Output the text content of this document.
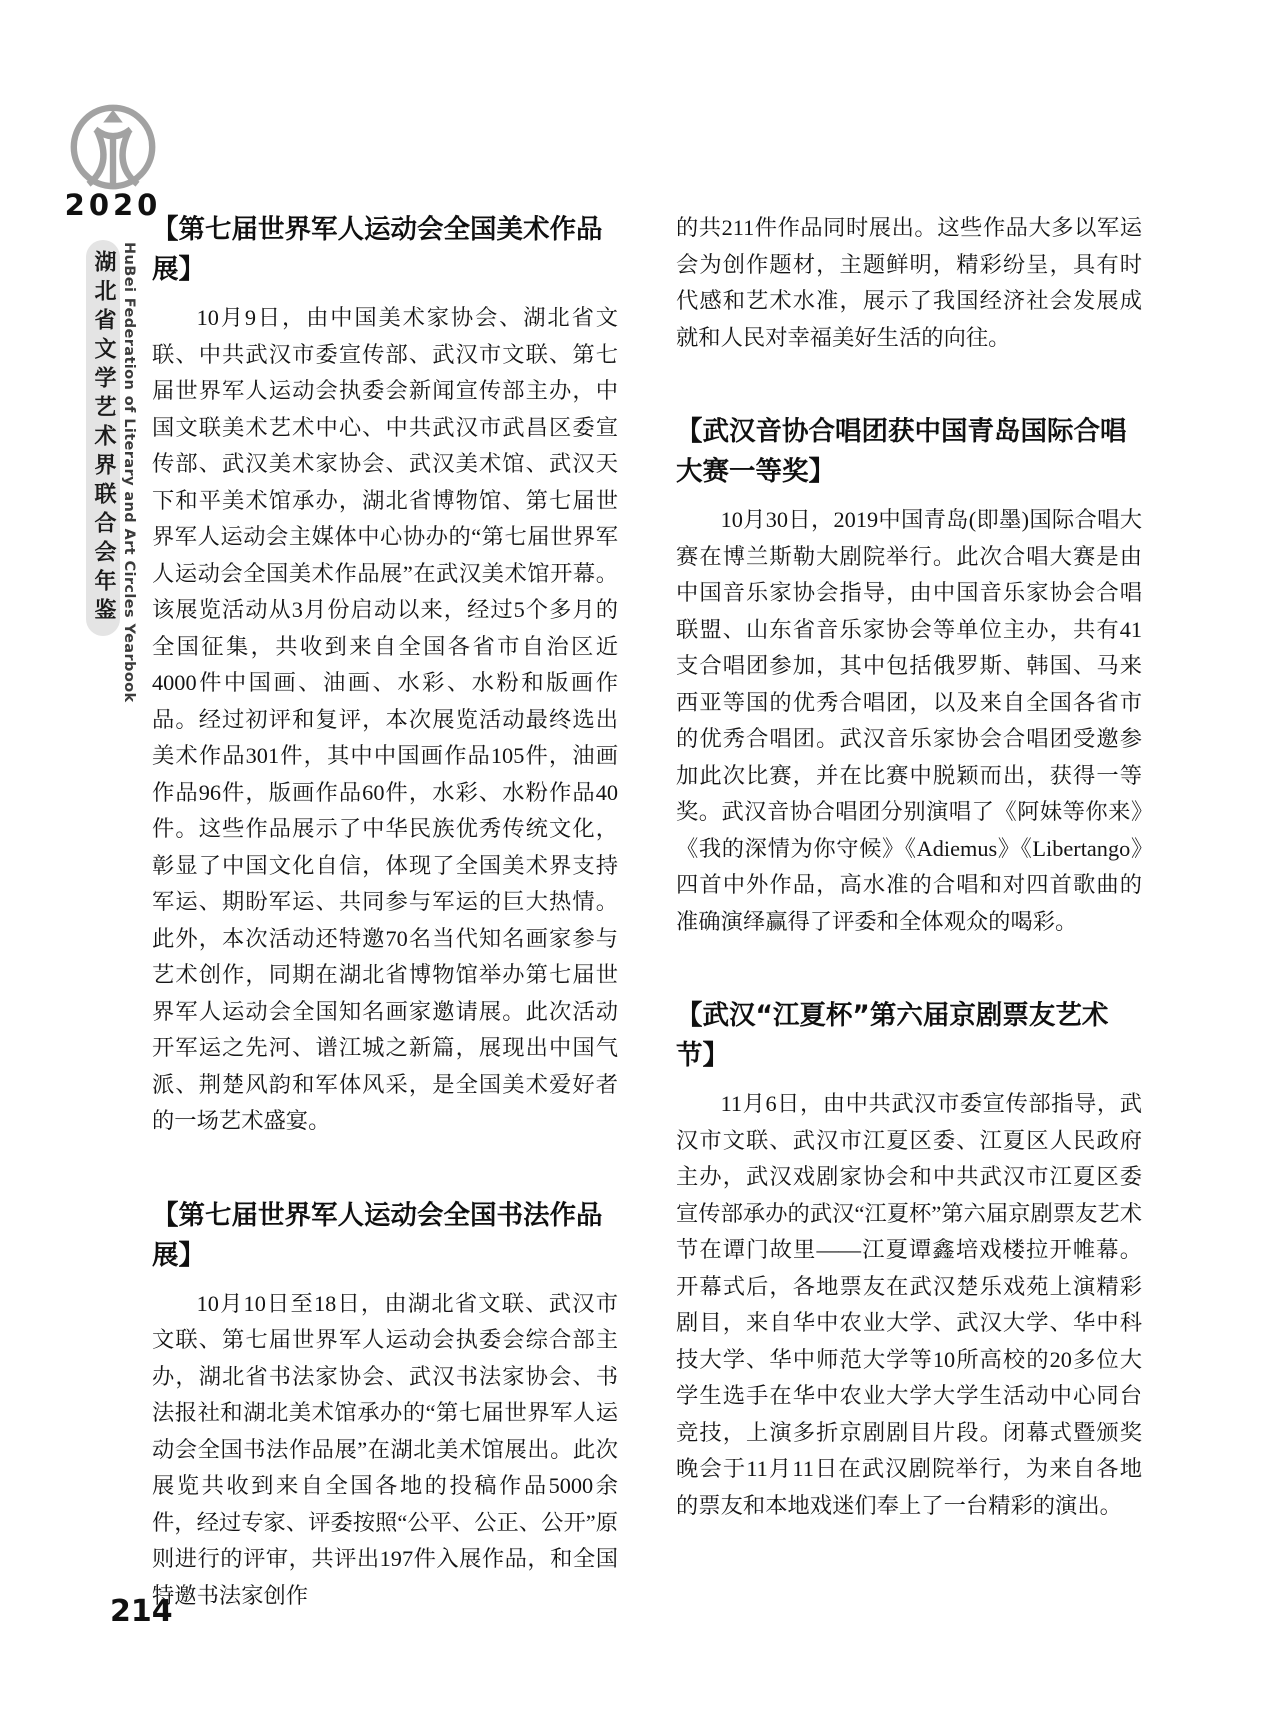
2020
湖北省文学艺术界联合会年鉴 HuBei Federation of Literary and Art Circles Yearbook
【第七届世界军人运动会全国美术作品展】

10月9日，由中国美术家协会、湖北省文联、中共武汉市委宣传部、武汉市文联、第七届世界军人运动会执委会新闻宣传部主办，中国文联美术艺术中心、中共武汉市武昌区委宣传部、武汉美术家协会、武汉美术馆、武汉天下和平美术馆承办，湖北省博物馆、第七届世界军人运动会主媒体中心协办的“第七届世界军人运动会全国美术作品展”在武汉美术馆开幕。该展览活动从3月份启动以来，经过5个多月的全国征集，共收到来自全国各省市自治区近4000件中国画、油画、水彩、水粉和版画作品。经过初评和复评，本次展览活动最终选出美术作品301件，其中中国画作品105件，油画作品96件，版画作品60件，水彩、水粉作品40件。这些作品展示了中华民族优秀传统文化，彰显了中国文化自信，体现了全国美术界支持军运、期盼军运、共同参与军运的巨大热情。此外，本次活动还特邀70名当代知名画家参与艺术创作，同期在湖北省博物馆举办第七届世界军人运动会全国知名画家邀请展。此次活动开军运之先河、谱江城之新篇，展现出中国气派、荆楚风韵和军体风采，是全国美术爱好者的一场艺术盛宴。

【第七届世界军人运动会全国书法作品展】

10月10日至18日，由湖北省文联、武汉市文联、第七届世界军人运动会执委会综合部主办，湖北省书法家协会、武汉书法家协会、书法报社和湖北美术馆承办的“第七届世界军人运动会全国书法作品展”在湖北美术馆展出。此次展览共收到来自全国各地的投稿作品5000余件，经过专家、评委按照“公平、公正、公开”原则进行的评审，共评出197件入展作品，和全国特邀书法家创作

的共211件作品同时展出。这些作品大多以军运会为创作题材，主题鲜明，精彩纷呈，具有时代感和艺术水准，展示了我国经济社会发展成就和人民对幸福美好生活的向往。

【武汉音协合唱团获中国青岛国际合唱大赛一等奖】

10月30日，2019中国青岛(即墨)国际合唱大赛在博兰斯勒大剧院举行。此次合唱大赛是由中国音乐家协会指导，由中国音乐家协会合唱联盟、山东省音乐家协会等单位主办，共有41支合唱团参加，其中包括俄罗斯、韩国、马来西亚等国的优秀合唱团，以及来自全国各省市的优秀合唱团。武汉音乐家协会合唱团受邀参加此次比赛，并在比赛中脱颖而出，获得一等奖。武汉音协合唱团分别演唱了《阿妹等你来》《我的深情为你守候》《Adiemus》《Libertango》四首中外作品，高水准的合唱和对四首歌曲的准确演绎赢得了评委和全体观众的喝彩。

【武汉“江夏杯”第六届京剧票友艺术节】

11月6日，由中共武汉市委宣传部指导，武汉市文联、武汉市江夏区委、江夏区人民政府主办，武汉戏剧家协会和中共武汉市江夏区委宣传部承办的武汉“江夏杯”第六届京剧票友艺术节在谭门故里——江夏谭鑫培戏楼拉开帷幕。开幕式后，各地票友在武汉楚乐戏苑上演精彩剧目，来自华中农业大学、武汉大学、华中科技大学、华中师范大学等10所高校的20多位大学生选手在华中农业大学大学生活动中心同台竞技，上演多折京剧剧目片段。闭幕式暨颁奖晚会于11月11日在武汉剧院举行，为来自各地的票友和本地戏迷们奉上了一台精彩的演出。

214
